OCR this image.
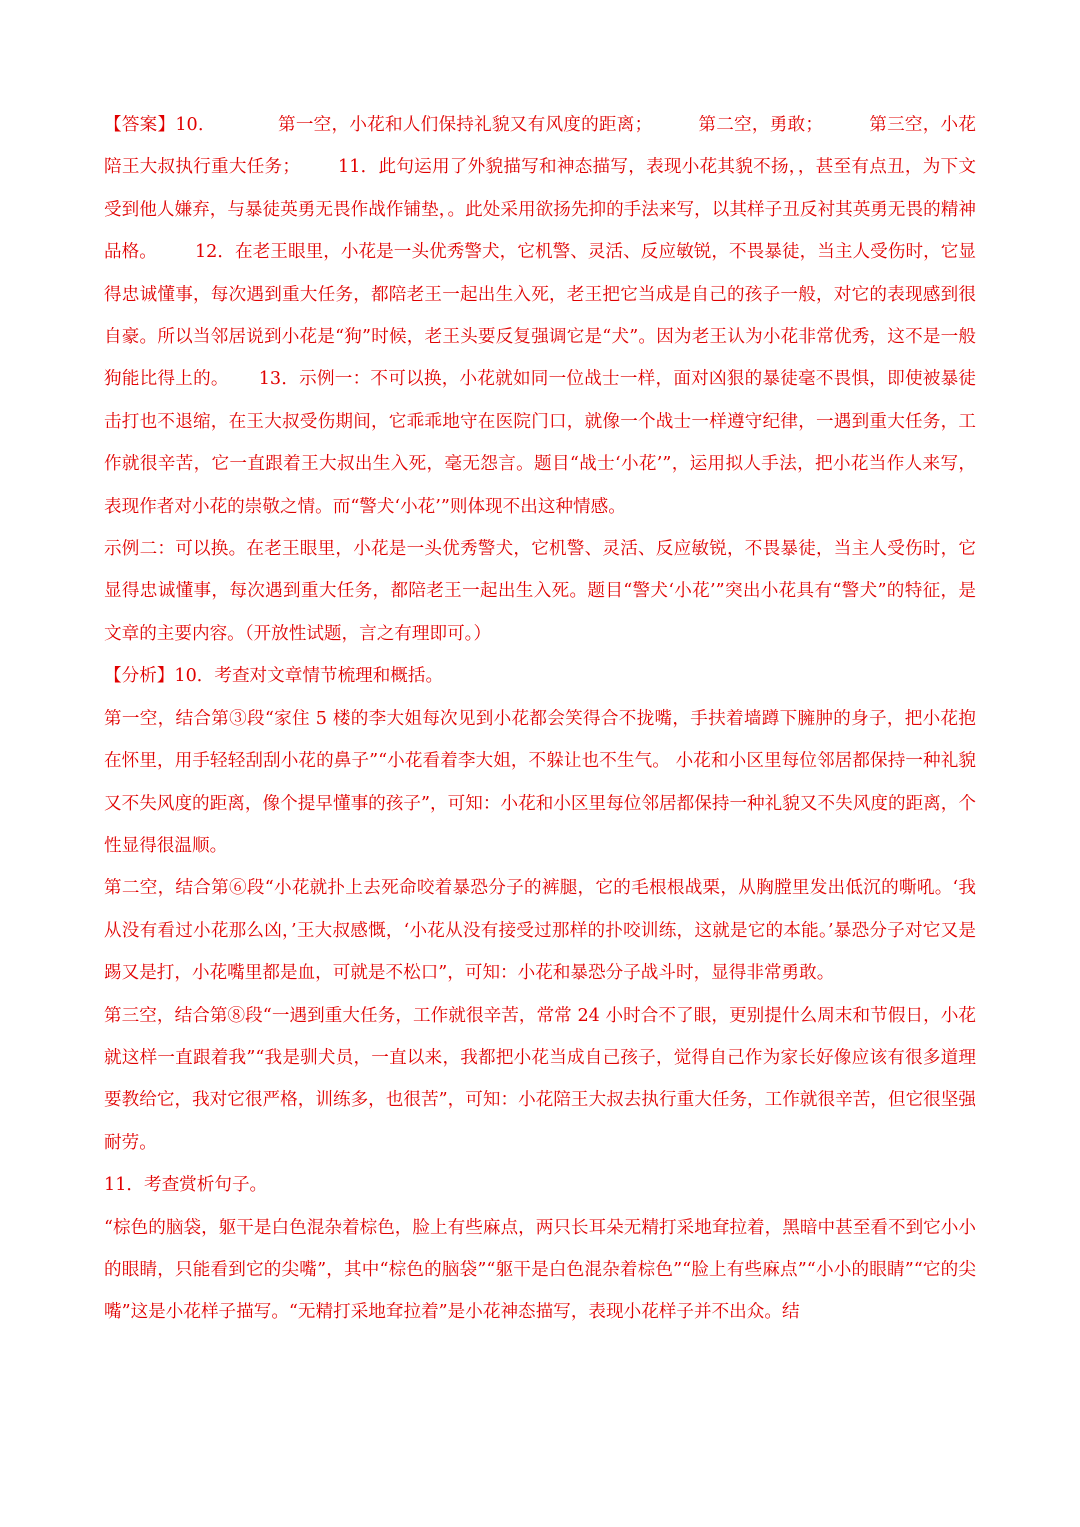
【答案】10．	第一空，小花和人们保持礼貌又有风度的距离；	第二空，勇敢；	第三空，小花陪王大叔执行重大任务； 11．此句运用了外貌描写和神态描写，表现小花其貌不扬，，甚至有点丑，为下文受到他人嫌弃，与暴徒英勇无畏作战作铺垫，。此处采用欲扬先抑的手法来写，以其样子丑反衬其英勇无畏的精神品格。 12．在老王眼里，小花是一头优秀警犬，它机警、灵活、反应敏锐，不畏暴徒，当主人受伤时，它显得忠诚懂事，每次遇到重大任务，都陪老王一起出生入死，老王把它当成是自己的孩子一般，对它的表现感到很自豪。所以当邻居说到小花是“狗”时候，老王头要反复强调它是“犬”。因为老王认为小花非常优秀，这不是一般狗能比得上的。 13．示例一：不可以换，小花就如同一位战士一样，面对凶狠的暴徒毫不畏惧，即使被暴徒击打也不退缩，在王大叔受伤期间，它乖乖地守在医院门口，就像一个战士一样遵守纪律，一遇到重大任务，工作就很辛苦，它一直跟着王大叔出生入死，毫无怨言。题目“战士‘小花’”，运用拟人手法，把小花当作人来写，表现作者对小花的崇敬之情。而“警犬‘小花’”则体现不出这种情感。

示例二：可以换。在老王眼里，小花是一头优秀警犬，它机警、灵活、反应敏锐，不畏暴徒，当主人受伤时，它显得忠诚懂事，每次遇到重大任务，都陪老王一起出生入死。题目“警犬‘小花’”突出小花具有“警犬”的特征，是文章的主要内容。（开放性试题，言之有理即可。）

【分析】10．考查对文章情节梳理和概括。

第一空，结合第③段“家住 5 楼的李大姐每次见到小花都会笑得合不拢嘴，手扶着墙蹲下臃肿的身子，把小花抱在怀里，用手轻轻刮刮小花的鼻子”“小花看着李大姐，不躲让也不生气。 小花和小区里每位邻居都保持一种礼貌又不失风度的距离，像个提早懂事的孩子”，可知：小花和小区里每位邻居都保持一种礼貌又不失风度的距离，个性显得很温顺。

第二空，结合第⑥段“小花就扑上去死命咬着暴恐分子的裤腿，它的毛根根战栗，从胸膛里发出低沉的嘶吼。‘我从没有看过小花那么凶，’王大叔感慨，‘小花从没有接受过那样的扑咬训练，这就是它的本能。’暴恐分子对它又是踢又是打，小花嘴里都是血，可就是不松口”，可知：小花和暴恐分子战斗时，显得非常勇敢。

第三空，结合第⑧段“一遇到重大任务，工作就很辛苦，常常 24 小时合不了眼，更别提什么周末和节假日，小花就这样一直跟着我”“我是驯犬员，一直以来，我都把小花当成自己孩子，觉得自己作为家长好像应该有很多道理要教给它，我对它很严格，训练多，也很苦”，可知：小花陪王大叔去执行重大任务，工作就很辛苦，但它很坚强耐劳。

11．考查赏析句子。

“棕色的脑袋，躯干是白色混杂着棕色，脸上有些麻点，两只长耳朵无精打采地耷拉着，黑暗中甚至看不到它小小的眼睛，只能看到它的尖嘴”，其中“棕色的脑袋”“躯干是白色混杂着棕色”“脸上有些麻点”“小小的眼睛”“它的尖嘴”这是小花样子描写。“无精打采地耷拉着”是小花神态描写，表现小花样子并不出众。结
